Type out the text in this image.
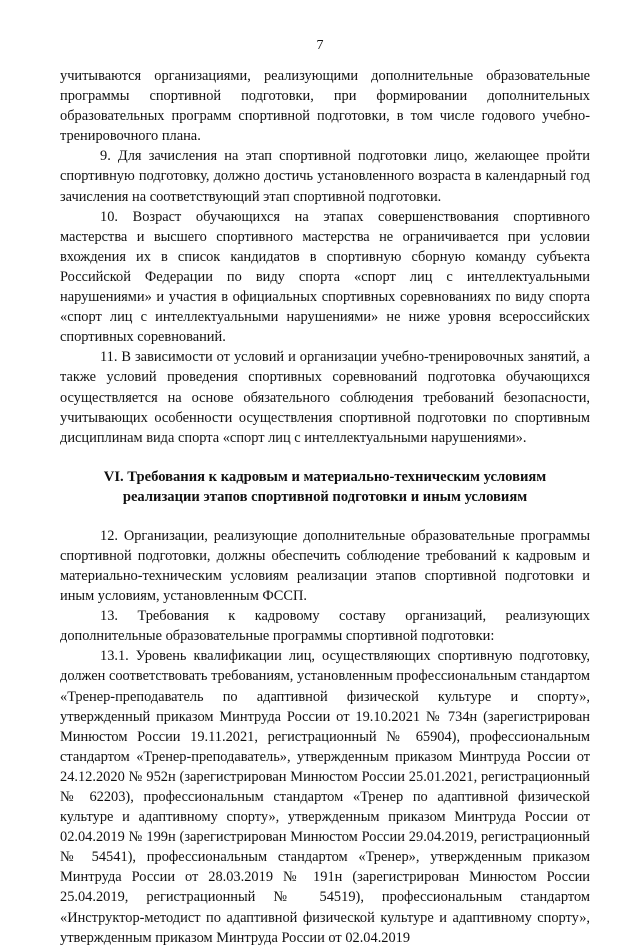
7

учитываются организациями, реализующими дополнительные образовательные программы спортивной подготовки, при формировании дополнительных образовательных программ спортивной подготовки, в том числе годового учебно-тренировочного плана.

9. Для зачисления на этап спортивной подготовки лицо, желающее пройти спортивную подготовку, должно достичь установленного возраста в календарный год зачисления на соответствующий этап спортивной подготовки.

10. Возраст обучающихся на этапах совершенствования спортивного мастерства и высшего спортивного мастерства не ограничивается при условии вхождения их в список кандидатов в спортивную сборную команду субъекта Российской Федерации по виду спорта «спорт лиц с интеллектуальными нарушениями» и участия в официальных спортивных соревнованиях по виду спорта «спорт лиц с интеллектуальными нарушениями» не ниже уровня всероссийских спортивных соревнований.

11. В зависимости от условий и организации учебно-тренировочных занятий, а также условий проведения спортивных соревнований подготовка обучающихся осуществляется на основе обязательного соблюдения требований безопасности, учитывающих особенности осуществления спортивной подготовки по спортивным дисциплинам вида спорта «спорт лиц с интеллектуальными нарушениями».

VI. Требования к кадровым и материально-техническим условиям
реализации этапов спортивной подготовки и иным условиям

12. Организации, реализующие дополнительные образовательные программы спортивной подготовки, должны обеспечить соблюдение требований к кадровым и материально-техническим условиям реализации этапов спортивной подготовки и иным условиям, установленным ФССП.

13. Требования к кадровому составу организаций, реализующих дополнительные образовательные программы спортивной подготовки:

13.1. Уровень квалификации лиц, осуществляющих спортивную подготовку, должен соответствовать требованиям, установленным профессиональным стандартом «Тренер-преподаватель по адаптивной физической культуре и спорту», утвержденный приказом Минтруда России от 19.10.2021 № 734н (зарегистрирован Минюстом России 19.11.2021, регистрационный № 65904), профессиональным стандартом «Тренер-преподаватель», утвержденным приказом Минтруда России от 24.12.2020 № 952н (зарегистрирован Минюстом России 25.01.2021, регистрационный № 62203), профессиональным стандартом «Тренер по адаптивной физической культуре и адаптивному спорту», утвержденным приказом Минтруда России от 02.04.2019 № 199н (зарегистрирован Минюстом России 29.04.2019, регистрационный № 54541), профессиональным стандартом «Тренер», утвержденным приказом Минтруда России от 28.03.2019 № 191н (зарегистрирован Минюстом России 25.04.2019, регистрационный № 54519), профессиональным стандартом «Инструктор-методист по адаптивной физической культуре и адаптивному спорту», утвержденным приказом Минтруда России от 02.04.2019
